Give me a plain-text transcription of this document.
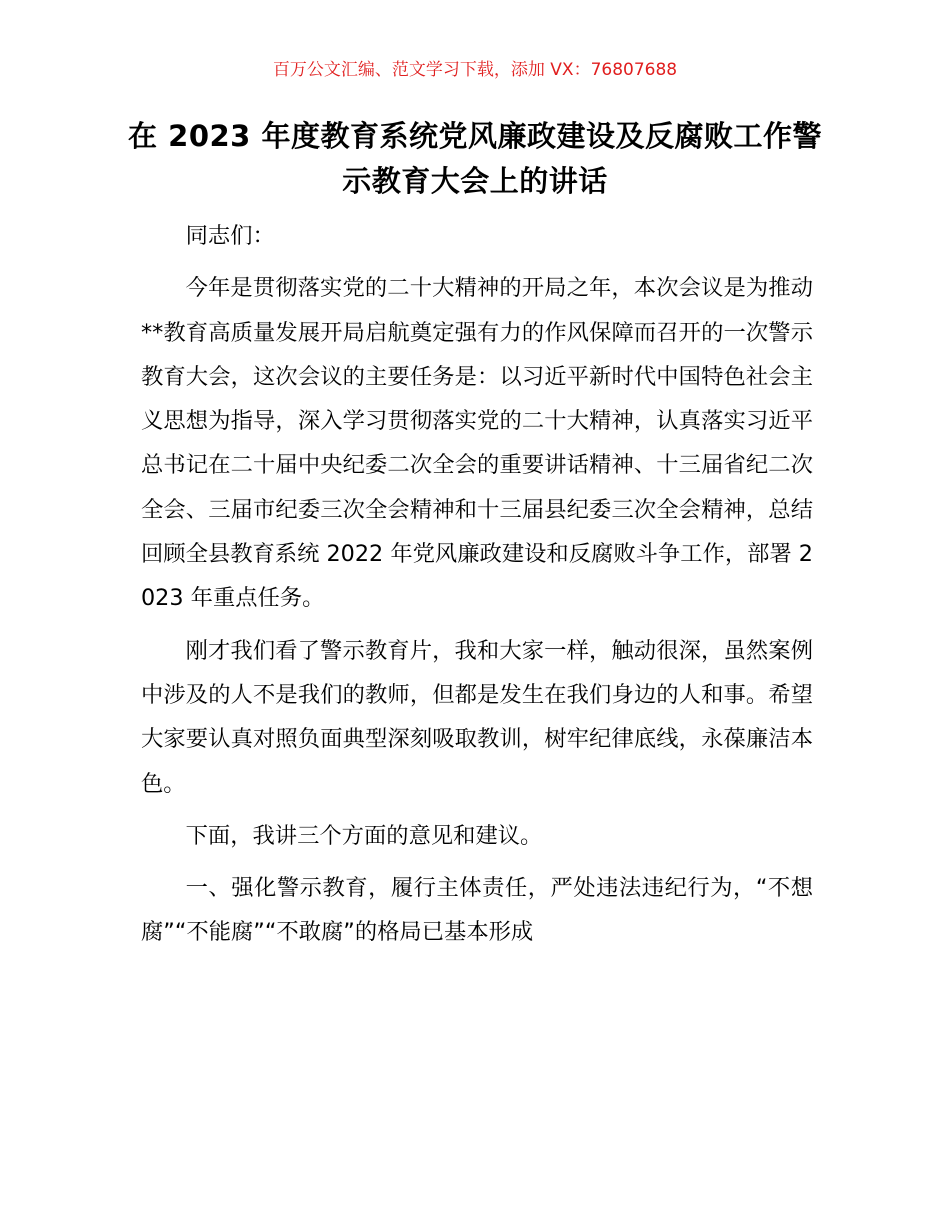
百万公文汇编、范文学习下载，添加 VX：76807688
在 2023 年度教育系统党风廉政建设及反腐败工作警示教育大会上的讲话

同志们：

今年是贯彻落实党的二十大精神的开局之年，本次会议是为推动**教育高质量发展开局启航奠定强有力的作风保障而召开的一次警示教育大会，这次会议的主要任务是：以习近平新时代中国特色社会主义思想为指导，深入学习贯彻落实党的二十大精神，认真落实习近平总书记在二十届中央纪委二次全会的重要讲话精神、十三届省纪二次全会、三届市纪委三次全会精神和十三届县纪委三次全会精神，总结回顾全县教育系统 2022 年党风廉政建设和反腐败斗争工作，部署 2023 年重点任务。

刚才我们看了警示教育片，我和大家一样，触动很深，虽然案例中涉及的人不是我们的教师，但都是发生在我们身边的人和事。希望大家要认真对照负面典型深刻吸取教训，树牢纪律底线，永葆廉洁本色。

下面，我讲三个方面的意见和建议。

一、强化警示教育，履行主体责任，严处违法违纪行为，“不想腐”“不能腐”“不敢腐”的格局已基本形成
